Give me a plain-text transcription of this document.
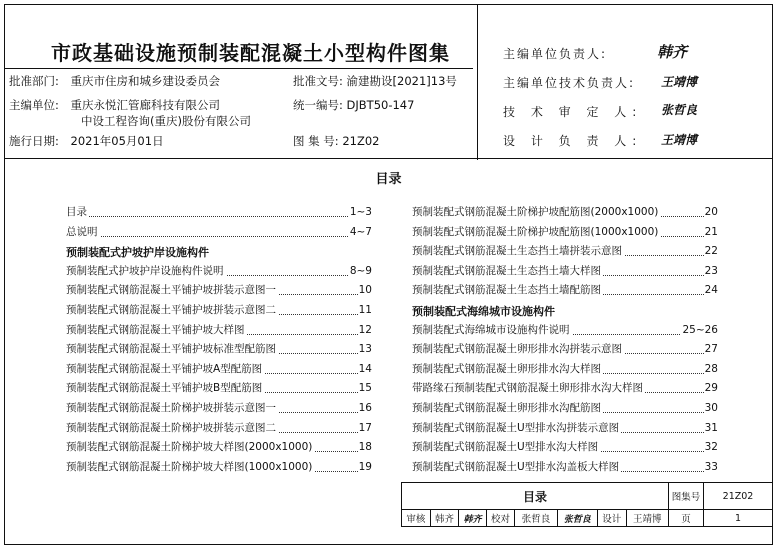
市政基础设施预制装配混凝土小型构件图集
批准部门: 重庆市住房和城乡建设委员会	批准文号: 渝建勘设[2021]13号
主编单位: 重庆永悦汇管廊科技有限公司
中设工程咨询(重庆)股份有限公司
统一编号: DJBT50-147
施行日期: 2021年05月01日	图 集 号: 21Z02
主编单位负责人:	韩齐
主编单位技术负责人: 王靖博
技 术 审 定 人: 张哲良
设 计 负 责 人: 王靖博
目录
目录	1~3
总说明	4~7
预制装配式护坡护岸设施构件
预制装配式护坡护岸设施构件说明	8~9
预制装配式钢筋混凝土平铺护坡拼装示意图一	10
预制装配式钢筋混凝土平铺护坡拼装示意图二	11
预制装配式钢筋混凝土平铺护坡大样图	12
预制装配式钢筋混凝土平铺护坡标准型配筋图	13
预制装配式钢筋混凝土平铺护坡A型配筋图	14
预制装配式钢筋混凝土平铺护坡B型配筋图	15
预制装配式钢筋混凝土阶梯护坡拼装示意图一	16
预制装配式钢筋混凝土阶梯护坡拼装示意图二	17
预制装配式钢筋混凝土阶梯护坡大样图(2000x1000)	18
预制装配式钢筋混凝土阶梯护坡大样图(1000x1000)	19
预制装配式钢筋混凝土阶梯护坡配筋图(2000x1000)	20
预制装配式钢筋混凝土阶梯护坡配筋图(1000x1000)	21
预制装配式钢筋混凝土生态挡土墙拼装示意图	22
预制装配式钢筋混凝土生态挡土墙大样图	23
预制装配式钢筋混凝土生态挡土墙配筋图	24
预制装配式海绵城市设施构件
预制装配式海绵城市设施构件说明	25~26
预制装配式钢筋混凝土卵形排水沟拼装示意图	27
预制装配式钢筋混凝土卵形排水沟大样图	28
带路缘石预制装配式钢筋混凝土卵形排水沟大样图	29
预制装配式钢筋混凝土卵形排水沟配筋图	30
预制装配式钢筋混凝土U型排水沟拼装示意图	31
预制装配式钢筋混凝土U型排水沟大样图	32
预制装配式钢筋混凝土U型排水沟盖板大样图	33
目录								图集号	21Z02
审核	韩齐	韩齐	校对	张哲良	张哲良	设计	王靖博	页	1
